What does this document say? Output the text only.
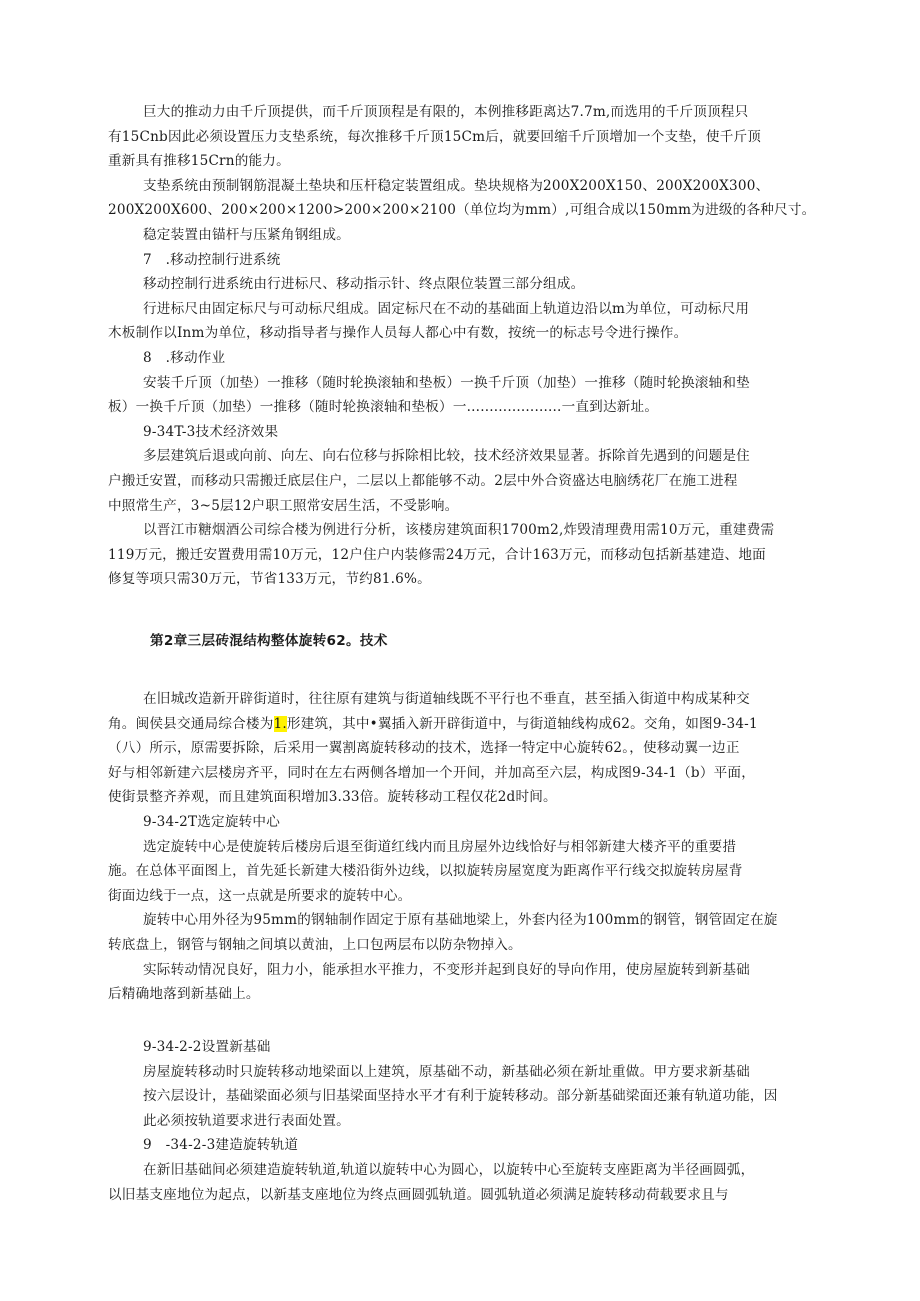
巨大的推动力由千斤顶提供，而千斤顶顶程是有限的，本例推移距离达7.7m,而选用的千斤顶顶程只
有15Cnb因此必须设置压力支垫系统，每次推移千斤顶15Cm后，就要回缩千斤顶增加一个支垫，使千斤顶
重新具有推移15Crn的能力。
支垫系统由预制钢筋混凝土垫块和压杆稳定装置组成。垫块规格为200X200X150、200X200X300、
200X200X600、200×200×1200>200×200×2100（单位均为mm）,可组合成以150mm为进级的各种尺寸。
稳定装置由锚杆与压紧角钢组成。
7　.移动控制行进系统
移动控制行进系统由行进标尺、移动指示针、终点限位装置三部分组成。
行进标尺由固定标尺与可动标尺组成。固定标尺在不动的基础面上轨道边沿以m为单位，可动标尺用
木板制作以Inm为单位，移动指导者与操作人员每人都心中有数，按统一的标志号令进行操作。
8　.移动作业
安装千斤顶（加垫）一推移（随时轮换滚轴和垫板）一换千斤顶（加垫）一推移（随时轮换滚轴和垫
板）一换千斤顶（加垫）一推移（随时轮换滚轴和垫板）一.....................一直到达新址。
9-34T-3技术经济效果
多层建筑后退或向前、向左、向右位移与拆除相比较，技术经济效果显著。拆除首先遇到的问题是住
户搬迁安置，而移动只需搬迁底层住户，二层以上都能够不动。2层中外合资盛达电脑绣花厂在施工进程
中照常生产，3~5层12户职工照常安居生活，不受影响。
以晋江市糖烟酒公司综合楼为例进行分析，该楼房建筑面积1700m2,炸毁清理费用需10万元，重建费需
119万元，搬迁安置费用需10万元，12户住户内装修需24万元，合计163万元，而移动包括新基建造、地面
修复等项只需30万元，节省133万元，节约81.6%。
第2章三层砖混结构整体旋转62。技术
在旧城改造新开辟街道时，往往原有建筑与街道轴线既不平行也不垂直，甚至插入街道中构成某种交
角。闽侯县交通局综合楼为1.形建筑，其中•翼插入新开辟街道中，与街道轴线构成62。交角，如图9-34-1
（八）所示，原需要拆除，后采用一翼割离旋转移动的技术，选择一特定中心旋转62。，使移动翼一边正
好与相邻新建六层楼房齐平，同时在左右两侧各增加一个开间，并加高至六层，构成图9-34-1（b）平面，
使街景整齐养观，而且建筑面积增加3.33倍。旋转移动工程仅花2d时间。
9-34-2T选定旋转中心
选定旋转中心是使旋转后楼房后退至街道红线内而且房屋外边线恰好与相邻新建大楼齐平的重要措
施。在总体平面图上，首先延长新建大楼沿街外边线，以拟旋转房屋宽度为距离作平行线交拟旋转房屋背
街面边线于一点，这一点就是所要求的旋转中心。
旋转中心用外径为95mm的钢轴制作固定于原有基础地梁上，外套内径为100mm的钢管，钢管固定在旋
转底盘上，钢管与钢轴之间填以黄油，上口包两层布以防杂物掉入。
实际转动情况良好，阻力小，能承担水平推力，不变形并起到良好的导向作用，使房屋旋转到新基础
后精确地落到新基础上。
9-34-2-2设置新基础
房屋旋转移动时只旋转移动地梁面以上建筑，原基础不动，新基础必须在新址重做。甲方要求新基础
按六层设计，基础梁面必须与旧基梁面坚持水平才有利于旋转移动。部分新基础梁面还兼有轨道功能，因
此必须按轨道要求进行表面处置。
9　-34-2-3建造旋转轨道
在新旧基础间必须建造旋转轨道,轨道以旋转中心为圆心，以旋转中心至旋转支座距离为半径画圆弧，
以旧基支座地位为起点，以新基支座地位为终点画圆弧轨道。圆弧轨道必须满足旋转移动荷载要求且与
